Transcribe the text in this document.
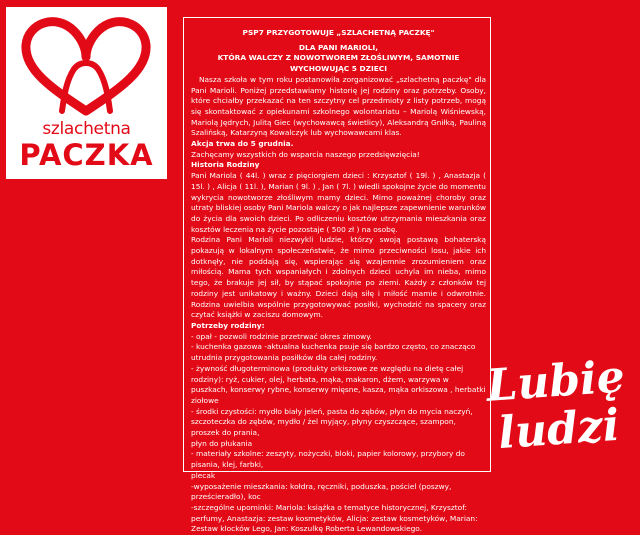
szlachetna
PACZKA

PSP7 PRZYGOTOWUJE „SZLACHETNĄ PACZKĘ"

DLA PANI MARIOLI,

KTÓRA WALCZY Z NOWOTWOREM ZŁOŚLIWYM, SAMOTNIE WYCHOWUJĄC 5 DZIECI

Nasza szkoła w tym roku postanowiła zorganizować „szlachetną paczkę" dla Pani Marioli. Poniżej przedstawiamy historię jej rodziny oraz potrzeby. Osoby, które chciałby przekazać na ten szczytny cel przedmioty z listy potrzeb, mogą się skontaktować z opiekunami szkolnego wolontariatu – Mariolą Wiśniewską, Mariolą Jędrych, Julitą Giec (wychowawcą świetlicy), Aleksandrą Gniłką, Pauliną Szalińską, Katarzyną Kowalczyk lub wychowawcami klas.

Akcja trwa do 5 grudnia.

Zachęcamy wszystkich do wsparcia naszego przedsięwzięcia!

Historia Rodziny

Pani Mariola ( 44l. ) wraz z pięciorgiem dzieci : Krzysztof ( 19l. ) , Anastazja ( 15l. ) , Alicja ( 11l. ), Marian ( 9l. ) , Jan ( 7l. ) wiedli spokojne życie do momentu wykrycia nowotworze złośliwym mamy dzieci. Mimo poważnej choroby oraz utraty bliskiej osoby Pani Mariola walczy o jak najlepsze zapewnienie warunków do życia dla swoich dzieci. Po odliczeniu kosztów utrzymania mieszkania oraz kosztów leczenia na życie pozostaje ( 500 zł ) na osobę.

Rodzina Pani Marioli niezwykli ludzie, którzy swoją postawą bohaterską pokazują w lokalnym społeczeństwie, że mimo przeciwności losu, jakie ich dotknęły, nie poddają się, wspierając się wzajemnie zrozumieniem oraz miłością. Mama tych wspaniałych i zdolnych dzieci uchyla im nieba, mimo tego, że brakuje jej sił, by stąpać spokojnie po ziemi. Każdy z członków tej rodziny jest unikatowy i ważny. Dzieci dają siłę i miłość mamie i odwrotnie. Rodzina uwielbia wspólnie przygotowywać posiłki, wychodzić na spacery oraz czytać książki w zaciszu domowym.

Potrzeby rodziny:

- opał - pozwoli rodzinie przetrwać okres zimowy.

- kuchenka gazowa -aktualna kuchenka psuje się bardzo często, co znacząco utrudnia przygotowania posiłków dla całej rodziny.

- żywność długoterminowa (produkty orkiszowe ze względu na dietę całej rodziny): ryż, cukier, olej, herbata, mąka, makaron, dżem, warzywa w puszkach, konserwy rybne, konserwy mięsne, kasza, mąka orkiszowa , herbatki ziołowe

- środki czystości: mydło biały jeleń, pasta do zębów, płyn do mycia naczyń, szczoteczka do zębów, mydło / żel myjący, płyny czyszczące, szampon, proszek do prania,

płyn do płukania

- materiały szkolne: zeszyty, nożyczki, bloki, papier kolorowy, przybory do pisania, klej, farbki,

plecak

-wyposażenie mieszkania: kołdra, ręczniki, poduszka, pościel (poszwy, prześcieradło), koc

-szczególne upominki: Mariola: książka o tematyce historycznej, Krzysztof: perfumy, Anastazja: zestaw kosmetyków, Alicja: zestaw kosmetyków, Marian: Zestaw klocków Lego, Jan: Koszulkę Roberta Lewandowskiego.

Lubię
ludzi
